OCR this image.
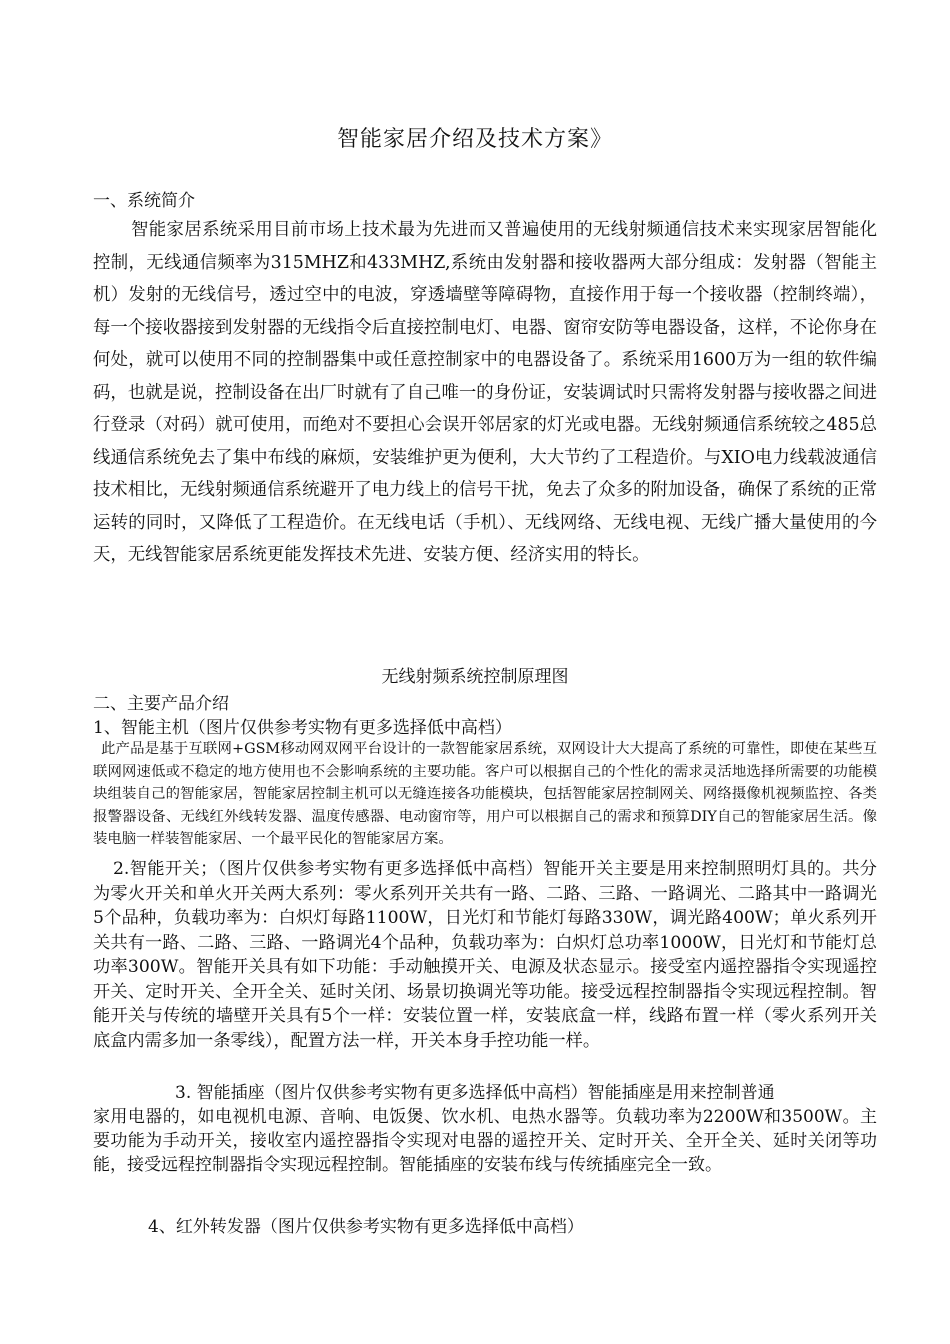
智能家居介绍及技术方案》
一、系统简介
智能家居系统采用目前市场上技术最为先进而又普遍使用的无线射频通信技术来实现家居智能化控制，无线通信频率为315MHZ和433MHZ,系统由发射器和接收器两大部分组成：发射器（智能主机）发射的无线信号，透过空中的电波，穿透墙壁等障碍物，直接作用于每一个接收器（控制终端），每一个接收器接到发射器的无线指令后直接控制电灯、电器、窗帘安防等电器设备，这样，不论你身在何处，就可以使用不同的控制器集中或任意控制家中的电器设备了。系统采用1600万为一组的软件编码，也就是说，控制设备在出厂时就有了自己唯一的身份证，安装调试时只需将发射器与接收器之间进行登录（对码）就可使用，而绝对不要担心会误开邻居家的灯光或电器。无线射频通信系统较之485总线通信系统免去了集中布线的麻烦，安装维护更为便利，大大节约了工程造价。与XIO电力线载波通信技术相比，无线射频通信系统避开了电力线上的信号干扰，免去了众多的附加设备，确保了系统的正常运转的同时，又降低了工程造价。在无线电话（手机）、无线网络、无线电视、无线广播大量使用的今天，无线智能家居系统更能发挥技术先进、安装方便、经济实用的特长。
无线射频系统控制原理图
二、主要产品介绍
1、智能主机（图片仅供参考实物有更多选择低中高档）
此产品是基于互联网+GSM移动网双网平台设计的一款智能家居系统，双网设计大大提高了系统的可靠性，即使在某些互联网网速低或不稳定的地方使用也不会影响系统的主要功能。客户可以根据自己的个性化的需求灵活地选择所需要的功能模块组装自己的智能家居，智能家居控制主机可以无缝连接各功能模块，包括智能家居控制网关、网络摄像机视频监控、各类报警器设备、无线红外线转发器、温度传感器、电动窗帘等，用户可以根据自己的需求和预算DIY自己的智能家居生活。像装电脑一样装智能家居、一个最平民化的智能家居方案。
2.智能开关；（图片仅供参考实物有更多选择低中高档）智能开关主要是用来控制照明灯具的。共分为零火开关和单火开关两大系列：零火系列开关共有一路、二路、三路、一路调光、二路其中一路调光5个品种，负载功率为：白炽灯每路1100W，日光灯和节能灯每路330W，调光路400W；单火系列开关共有一路、二路、三路、一路调光4个品种，负载功率为：白炽灯总功率1000W，日光灯和节能灯总功率300W。智能开关具有如下功能：手动触摸开关、电源及状态显示。接受室内遥控器指令实现遥控开关、定时开关、全开全关、延时关闭、场景切换调光等功能。接受远程控制器指令实现远程控制。智能开关与传统的墙壁开关具有5个一样：安装位置一样，安装底盒一样，线路布置一样（零火系列开关底盒内需多加一条零线），配置方法一样，开关本身手控功能一样。
3. 智能插座（图片仅供参考实物有更多选择低中高档）智能插座是用来控制普通
家用电器的，如电视机电源、音响、电饭煲、饮水机、电热水器等。负载功率为2200W和3500W。主要功能为手动开关，接收室内遥控器指令实现对电器的遥控开关、定时开关、全开全关、延时关闭等功能，接受远程控制器指令实现远程控制。智能插座的安装布线与传统插座完全一致。
4、红外转发器（图片仅供参考实物有更多选择低中高档）
